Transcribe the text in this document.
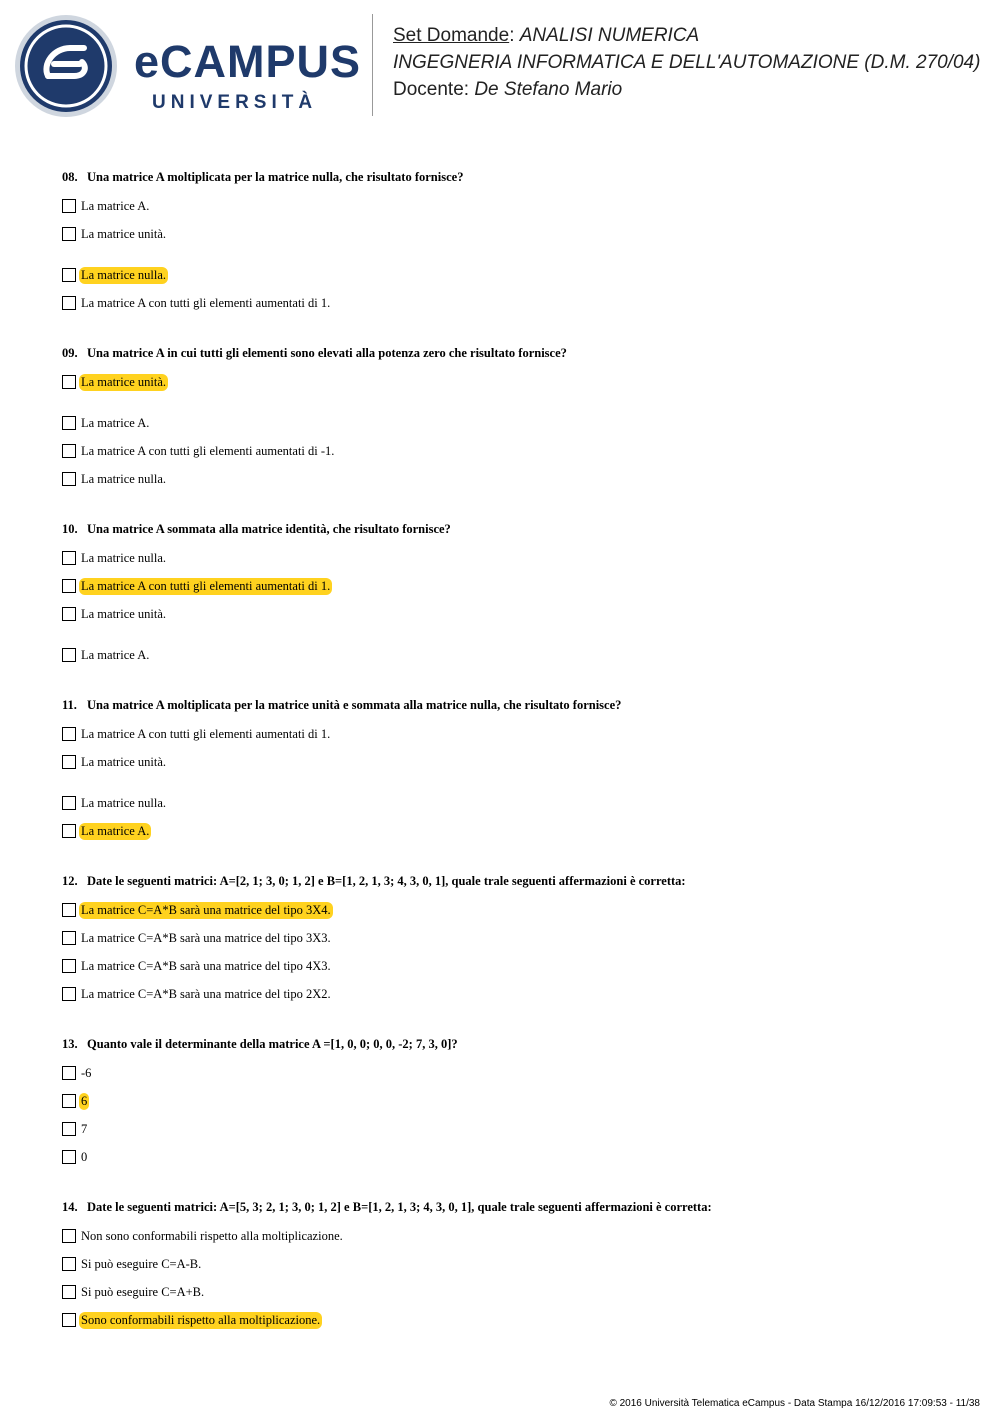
eCAMPUS
UNIVERSITÀ
Set Domande: ANALISI NUMERICA
INGEGNERIA INFORMATICA E DELL'AUTOMAZIONE (D.M. 270/04)
Docente: De Stefano Mario
08. Una matrice A moltiplicata per la matrice nulla, che risultato fornisce?
La matrice A.
La matrice unità.
La matrice nulla.
La matrice A con tutti gli elementi aumentati di 1.
09. Una matrice A in cui tutti gli elementi sono elevati alla potenza zero che risultato fornisce?
La matrice unità.
La matrice A.
La matrice A con tutti gli elementi aumentati di -1.
La matrice nulla.
10. Una matrice A sommata alla matrice identità, che risultato fornisce?
La matrice nulla.
La matrice A con tutti gli elementi aumentati di 1.
La matrice unità.
La matrice A.
11. Una matrice A moltiplicata per la matrice unità e sommata alla matrice nulla, che risultato fornisce?
La matrice A con tutti gli elementi aumentati di 1.
La matrice unità.
La matrice nulla.
La matrice A.
12. Date le seguenti matrici: A=[2, 1; 3, 0; 1, 2] e B=[1, 2, 1, 3; 4, 3, 0, 1], quale trale seguenti affermazioni è corretta:
La matrice C=A*B sarà una matrice del tipo 3X4.
La matrice C=A*B sarà una matrice del tipo 3X3.
La matrice C=A*B sarà una matrice del tipo 4X3.
La matrice C=A*B sarà una matrice del tipo 2X2.
13. Quanto vale il determinante della matrice A =[1, 0, 0; 0, 0, -2; 7, 3, 0]?
-6
6
7
0
14. Date le seguenti matrici: A=[5, 3; 2, 1; 3, 0; 1, 2] e B=[1, 2, 1, 3; 4, 3, 0, 1], quale trale seguenti affermazioni è corretta:
Non sono conformabili rispetto alla moltiplicazione.
Si può eseguire C=A-B.
Si può eseguire C=A+B.
Sono conformabili rispetto alla moltiplicazione.
© 2016 Università Telematica eCampus - Data Stampa 16/12/2016 17:09:53 - 11/38
